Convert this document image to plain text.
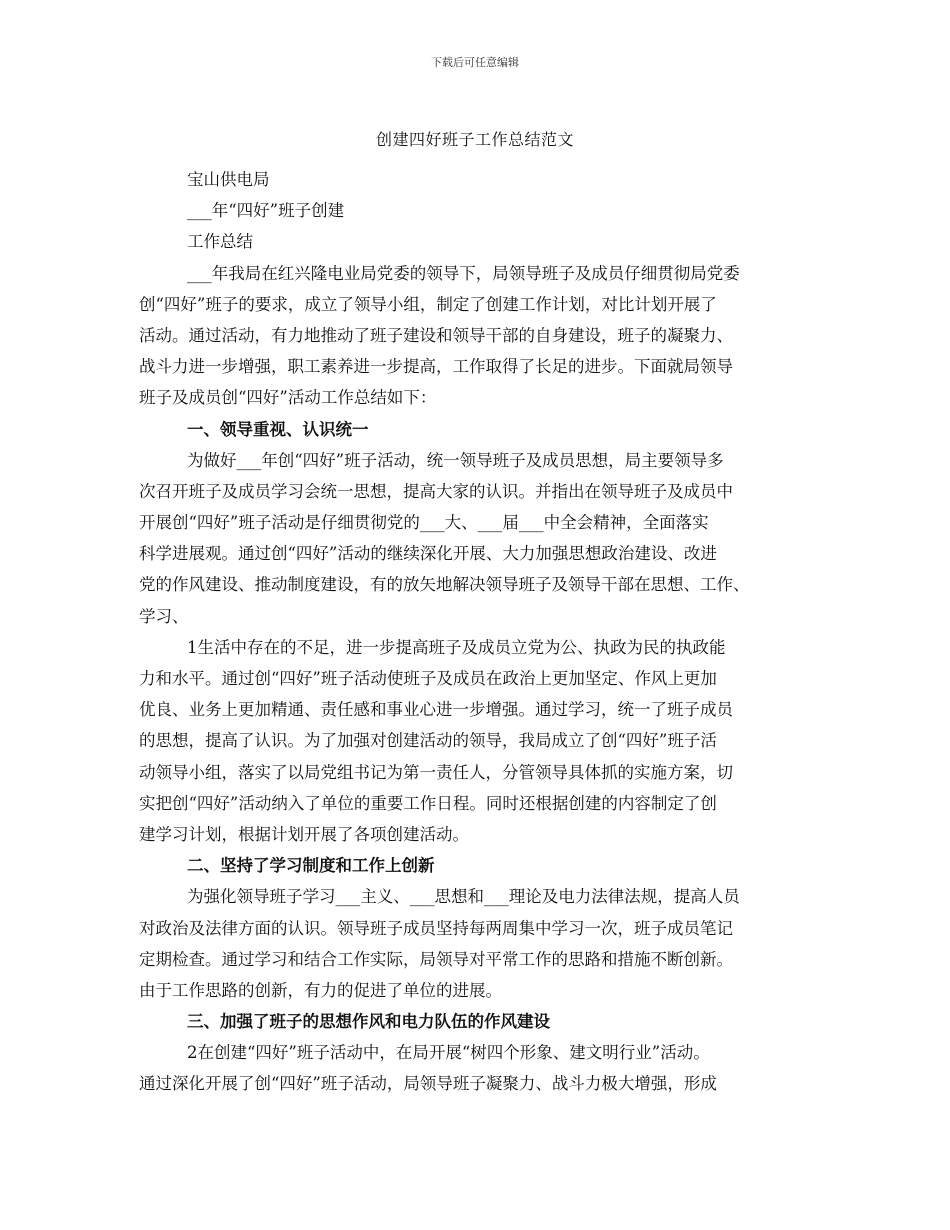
下载后可任意编辑
创建四好班子工作总结范文
宝山供电局
___年“四好”班子创建
工作总结
___年我局在红兴隆电业局党委的领导下，局领导班子及成员仔细贯彻局党委
创“四好”班子的要求，成立了领导小组，制定了创建工作计划，对比计划开展了
活动。通过活动，有力地推动了班子建设和领导干部的自身建设，班子的凝聚力、
战斗力进一步增强，职工素养进一步提高，工作取得了长足的进步。下面就局领导
班子及成员创“四好”活动工作总结如下：
一、领导重视、认识统一
为做好___年创“四好”班子活动，统一领导班子及成员思想，局主要领导多
次召开班子及成员学习会统一思想，提高大家的认识。并指出在领导班子及成员中
开展创“四好”班子活动是仔细贯彻党的___大、___届___中全会精神，全面落实
科学进展观。通过创“四好”活动的继续深化开展、大力加强思想政治建设、改进
党的作风建设、推动制度建设，有的放矢地解决领导班子及领导干部在思想、工作、
学习、
1生活中存在的不足，进一步提高班子及成员立党为公、执政为民的执政能
力和水平。通过创“四好”班子活动使班子及成员在政治上更加坚定、作风上更加
优良、业务上更加精通、责任感和事业心进一步增强。通过学习，统一了班子成员
的思想，提高了认识。为了加强对创建活动的领导，我局成立了创“四好”班子活
动领导小组，落实了以局党组书记为第一责任人，分管领导具体抓的实施方案，切
实把创“四好”活动纳入了单位的重要工作日程。同时还根据创建的内容制定了创
建学习计划，根据计划开展了各项创建活动。
二、坚持了学习制度和工作上创新
为强化领导班子学习___主义、___思想和___理论及电力法律法规，提高人员
对政治及法律方面的认识。领导班子成员坚持每两周集中学习一次，班子成员笔记
定期检查。通过学习和结合工作实际，局领导对平常工作的思路和措施不断创新。
由于工作思路的创新，有力的促进了单位的进展。
三、加强了班子的思想作风和电力队伍的作风建设
2在创建“四好”班子活动中，在局开展“树四个形象、建文明行业”活动。
通过深化开展了创“四好”班子活动，局领导班子凝聚力、战斗力极大增强，形成
